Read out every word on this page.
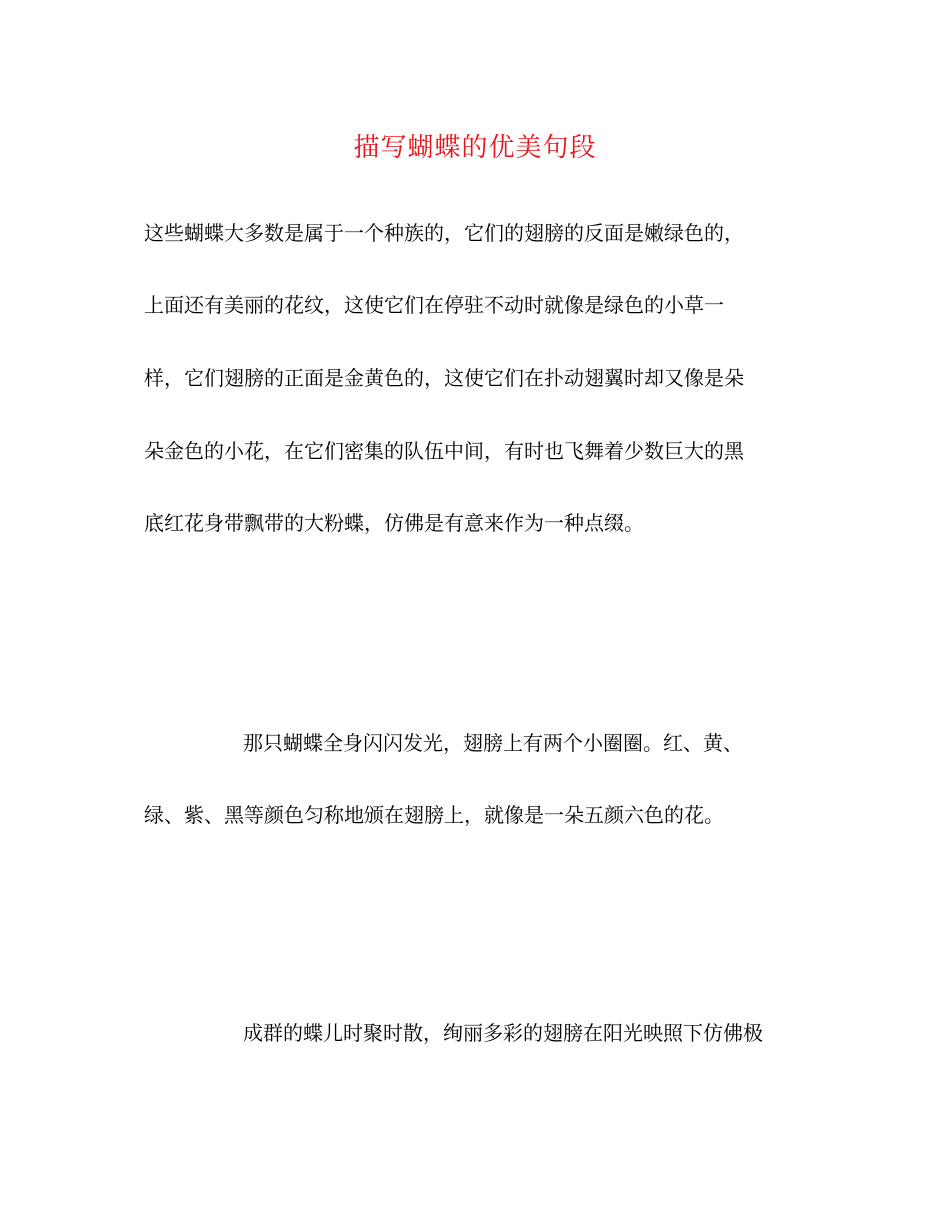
描写蝴蝶的优美句段
这些蝴蝶大多数是属于一个种族的，它们的翅膀的反面是嫩绿色的，
上面还有美丽的花纹，这使它们在停驻不动时就像是绿色的小草一
样，它们翅膀的正面是金黄色的，这使它们在扑动翅翼时却又像是朵
朵金色的小花，在它们密集的队伍中间，有时也飞舞着少数巨大的黑
底红花身带飘带的大粉蝶，仿佛是有意来作为一种点缀。
那只蝴蝶全身闪闪发光，翅膀上有两个小圈圈。红、黄、
绿、紫、黑等颜色匀称地颁在翅膀上，就像是一朵五颜六色的花。
成群的蝶儿时聚时散，绚丽多彩的翅膀在阳光映照下仿佛极
